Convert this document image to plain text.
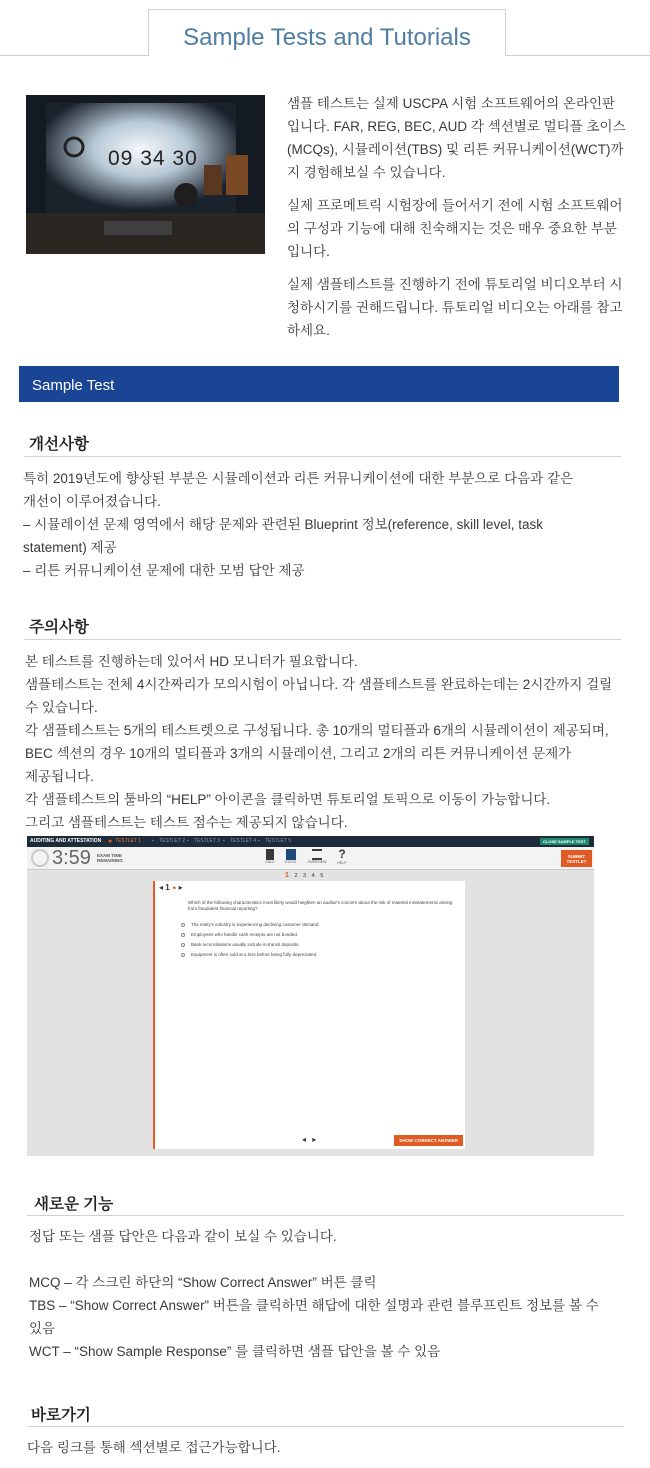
Sample Tests and Tutorials
09 34 30

샘플 테스트는 실제 USCPA 시험 소프트웨어의 온라인판입니다. FAR, REG, BEC, AUD 각 섹션별로 멀티플 초이스(MCQs), 시뮬레이션(TBS) 및 리튼 커뮤니케이션(WCT)까지 경험해보실 수 있습니다.

실제 프로메트릭 시험장에 들어서기 전에 시험 소프트웨어의 구성과 기능에 대해 친숙해지는 것은 매우 중요한 부분입니다.

실제 샘플테스트를 진행하기 전에 튜토리얼 비디오부터 시청하시기를 권해드립니다. 튜토리얼 비디오는 아래를 참고하세요.

Sample Test
개선사항
특히 2019년도에 향상된 부분은 시뮬레이션과 리튼 커뮤니케이션에 대한 부분으로 다음과 같은
개선이 이루어졌습니다.
– 시뮬레이션 문제 영역에서 해당 문제와 관련된 Blueprint 정보(reference, skill level, task
statement) 제공
– 리튼 커뮤니케이션 문제에 대한 모범 답안 제공
주의사항
본 테스트를 진행하는데 있어서 HD 모니터가 필요합니다.
샘플테스트는 전체 4시간짜리가 모의시험이 아닙니다. 각 샘플테스트를 완료하는데는 2시간까지 걸릴
수 있습니다.
각 샘플테스트는 5개의 테스트렛으로 구성됩니다. 총 10개의 멀티플과 6개의 시뮬레이션이 제공되며,
BEC 섹션의 경우 10개의 멀티플과 3개의 시뮬레이션, 그리고 2개의 리튼 커뮤니케이션 문제가
제공됩니다.
각 샘플테스트의 툴바의 “HELP” 아이콘을 클릭하면 튜토리얼 토픽으로 이동이 가능합니다.
그리고 샘플테스트는 테스트 점수는 제공되지 않습니다.
AUDITING AND ATTESTATION ● TESTLET 1 ▪ TESTLET 2 ▪ TESTLET 3 ▪ TESTLET 4 ▪ TESTLET 5	CLOSE SAMPLE TEST
3:59 EXAM TIME REMAINING	CALC	EXCEL	OVERVIEW
?
HELP
SUBMIT TESTLET
1 2 3 4 5
◂ 1 ⚑ ▸
Which of the following characteristics most likely would heighten an auditor's concern about the risk of material misstatements arising from fraudulent financial reporting?
The entity's industry is experiencing declining customer demand.
Employees who handle cash receipts are not bonded.
Bank reconciliations usually include in-transit deposits.
Equipment is often sold at a loss before being fully depreciated.
◂ ▸	SHOW CORRECT ANSWER
새로운 기능
정답 또는 샘플 답안은 다음과 같이 보실 수 있습니다.
MCQ – 각 스크린 하단의 “Show Correct Answer” 버튼 클릭
TBS – “Show Correct Answer” 버튼을 클릭하면 해답에 대한 설명과 관련 블루프린트 정보를 볼 수
있음
WCT – “Show Sample Response” 를 클릭하면 샘플 답안을 볼 수 있음
바로가기
다음 링크를 통해 섹션별로 접근가능합니다.
